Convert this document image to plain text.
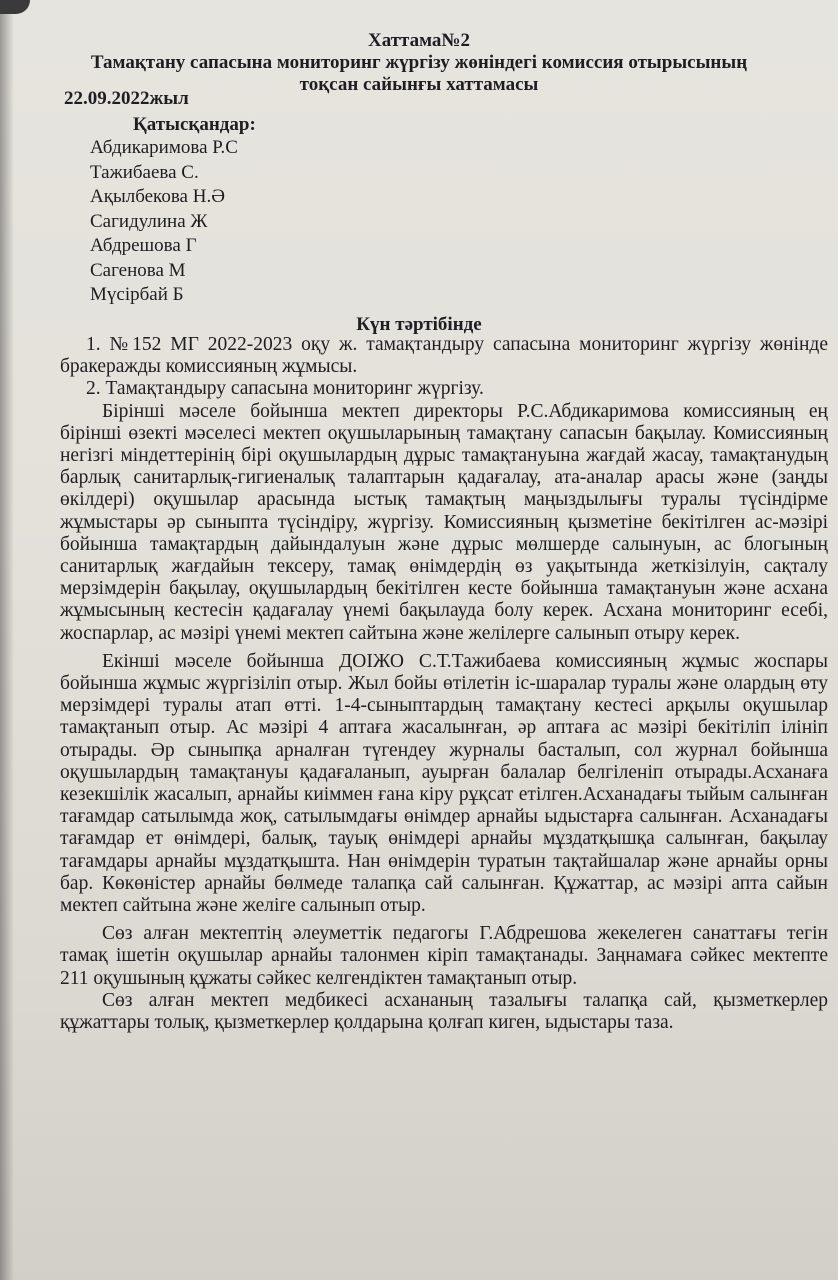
Хаттама№2
Тамақтану сапасына мониторинг жүргізу жөніндегі комиссия отырысының
тоқсан сайынғы хаттамасы
22.09.2022жыл
Қатысқандар:
Абдикаримова Р.С
Тажибаева С.
Ақылбекова Н.Ә
Сагидулина Ж
Абдрешова Г
Сагенова М
Мүсірбай Б
Күн тәртібінде

1. №152 МГ 2022-2023 оқу ж. тамақтандыру сапасына мониторинг жүргізу жөнінде бракеражды комиссияның жұмысы.

2. Тамақтандыру сапасына мониторинг жүргізу.

Бірінші мәселе бойынша мектеп директоры Р.С.Абдикаримова комиссияның ең бірінші өзекті мәселесі мектеп оқушыларының тамақтану сапасын бақылау. Комиссияның негізгі міндеттерінің бірі оқушылардың дұрыс тамақтануына жағдай жасау, тамақтанудың барлық санитарлық-гигиеналық талаптарын қадағалау, ата-аналар арасы және (заңды өкілдері) оқушылар арасында ыстық тамақтың маңыздылығы туралы түсіндірме жұмыстары әр сыныпта түсіндіру, жүргізу. Комиссияның қызметіне бекітілген ас-мәзірі бойынша тамақтардың дайындалуын және дұрыс мөлшерде салынуын, ас блогының санитарлық жағдайын тексеру, тамақ өнімдердің өз уақытында жеткізілуін, сақталу мерзімдерін бақылау, оқушылардың бекітілген кесте бойынша тамақтануын және асхана жұмысының кестесін қадағалау үнемі бақылауда болу керек. Асхана мониторинг есебі, жоспарлар, ас мәзірі үнемі мектеп сайтына және желілерге салынып отыру керек.

Екінші мәселе бойынша ДОІЖО С.Т.Тажибаева комиссияның жұмыс жоспары бойынша жұмыс жүргізіліп отыр. Жыл бойы өтілетін іс-шаралар туралы және олардың өту мерзімдері туралы атап өтті. 1-4-сыныптардың тамақтану кестесі арқылы оқушылар тамақтанып отыр. Ас мәзірі 4 аптаға жасалынған, әр аптаға ас мәзірі бекітіліп ілініп отырады. Әр сыныпқа арналған түгендеу журналы басталып, сол журнал бойынша оқушылардың тамақтануы қадағаланып, ауырған балалар белгіленіп отырады.Асханаға кезекшілік жасалып, арнайы киіммен ғана кіру рұқсат етілген.Асханадағы тыйым салынған тағамдар сатылымда жоқ, сатылымдағы өнімдер арнайы ыдыстарға салынған. Асханадағы тағамдар ет өнімдері, балық, тауық өнімдері арнайы мұздатқышқа салынған, бақылау тағамдары арнайы мұздатқышта. Нан өнімдерін туратын тақтайшалар және арнайы орны бар. Көкөністер арнайы бөлмеде талапқа сай салынған. Құжаттар, ас мәзірі апта сайын мектеп сайтына және желіге салынып отыр.

Сөз алған мектептің әлеуметтік педагогы Г.Абдрешова жекелеген санаттағы тегін тамақ ішетін оқушылар арнайы талонмен кіріп тамақтанады. Заңнамаға сәйкес мектепте 211 оқушының құжаты сәйкес келгендіктен тамақтанып отыр.

Сөз алған мектеп медбикесі асхананың тазалығы талапқа сай, қызметкерлер құжаттары толық, қызметкерлер қолдарына қолғап киген, ыдыстары таза.
